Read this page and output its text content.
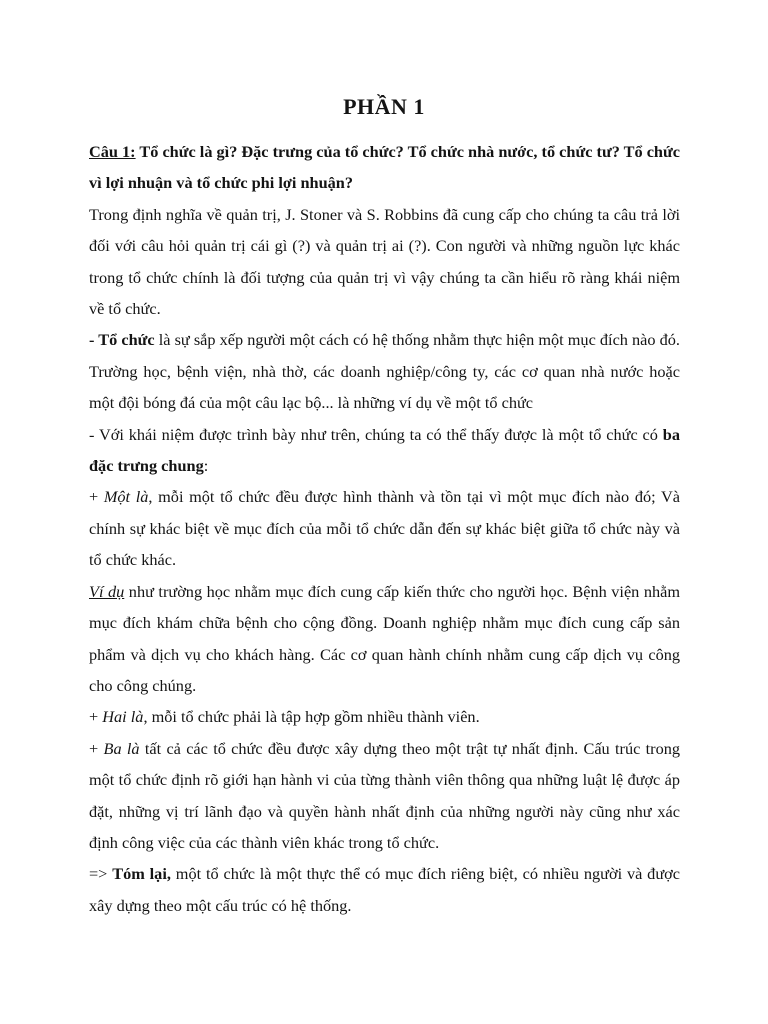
PHẦN 1

Câu 1: Tổ chức là gì? Đặc trưng của tổ chức? Tổ chức nhà nước, tổ chức tư? Tổ chức vì lợi nhuận và tổ chức phi lợi nhuận?

Trong định nghĩa về quản trị, J. Stoner và S. Robbins đã cung cấp cho chúng ta câu trả lời đối với câu hỏi quản trị cái gì (?) và quản trị ai (?). Con người và những nguồn lực khác trong tổ chức chính là đối tượng của quản trị vì vậy chúng ta cần hiểu rõ ràng khái niệm về tổ chức.

- Tổ chức là sự sắp xếp người một cách có hệ thống nhằm thực hiện một mục đích nào đó. Trường học, bệnh viện, nhà thờ, các doanh nghiệp/công ty, các cơ quan nhà nước hoặc một đội bóng đá của một câu lạc bộ... là những ví dụ về một tổ chức

- Với khái niệm được trình bày như trên, chúng ta có thể thấy được là một tổ chức có ba đặc trưng chung:

+ Một là, mỗi một tổ chức đều được hình thành và tồn tại vì một mục đích nào đó; Và chính sự khác biệt về mục đích của mỗi tổ chức dẫn đến sự khác biệt giữa tổ chức này và tổ chức khác.

Ví dụ như trường học nhằm mục đích cung cấp kiến thức cho người học. Bệnh viện nhằm mục đích khám chữa bệnh cho cộng đồng. Doanh nghiệp nhằm mục đích cung cấp sản phẩm và dịch vụ cho khách hàng. Các cơ quan hành chính nhằm cung cấp dịch vụ công cho công chúng.

+ Hai là, mỗi tổ chức phải là tập hợp gồm nhiều thành viên.

+ Ba là tất cả các tổ chức đều được xây dựng theo một trật tự nhất định. Cấu trúc trong một tổ chức định rõ giới hạn hành vi của từng thành viên thông qua những luật lệ được áp đặt, những vị trí lãnh đạo và quyền hành nhất định của những người này cũng như xác định công việc của các thành viên khác trong tổ chức.

=> Tóm lại, một tổ chức là một thực thể có mục đích riêng biệt, có nhiều người và được xây dựng theo một cấu trúc có hệ thống.
